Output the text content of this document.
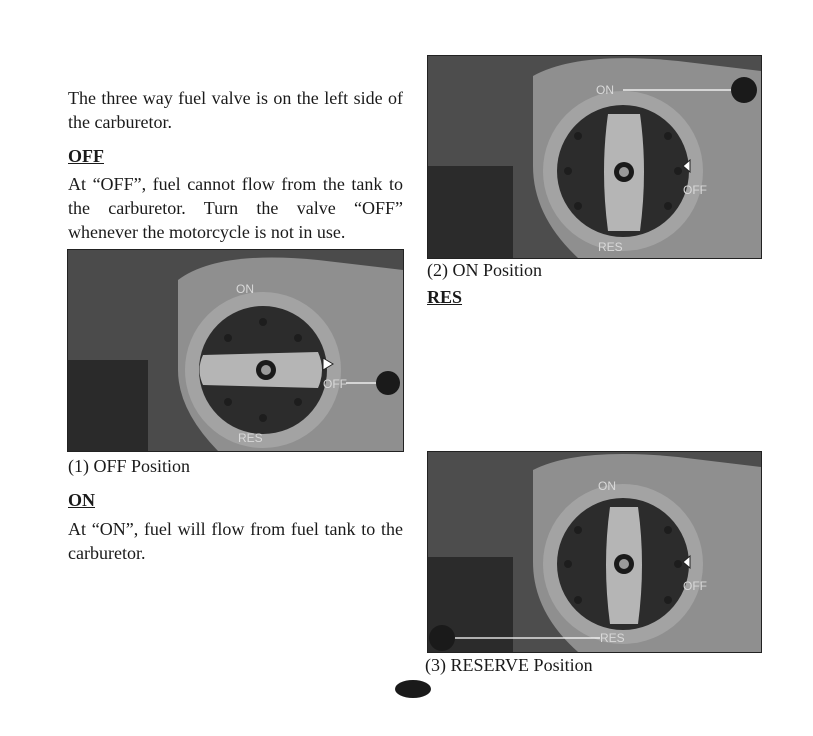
The three way fuel valve is on the left side of the carburetor.

OFF

At “OFF”, fuel cannot flow from the tank to the carburetor. Turn the valve “OFF” whenever the motorcycle is not in use.

ON
OFF
RES

(1) OFF Position

ON

At “ON”, fuel will flow from fuel tank to the carburetor.

ON
OFF
RES

(2) ON Position

RES

ON
OFF
RES

(3) RESERVE Position
